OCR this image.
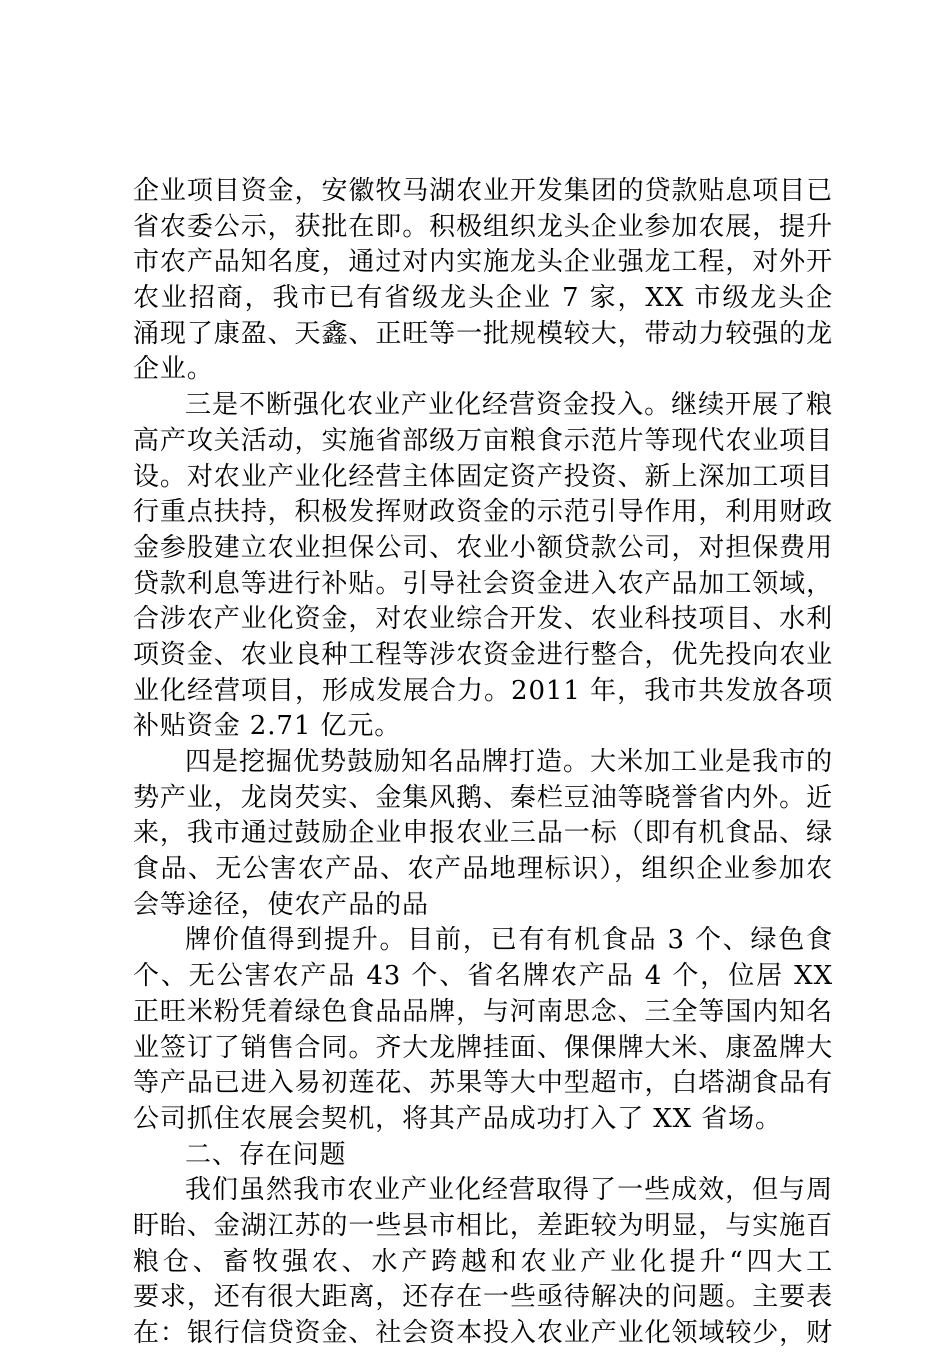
企业项目资金，安徽牧马湖农业开发集团的贷款贴息项目已
省农委公示，获批在即。积极组织龙头企业参加农展，提升
市农产品知名度，通过对内实施龙头企业强龙工程，对外开
农业招商，我市已有省级龙头企业 7 家，XX 市级龙头企
涌现了康盈、天鑫、正旺等一批规模较大，带动力较强的龙
企业。
三是不断强化农业产业化经营资金投入。继续开展了粮
高产攻关活动，实施省部级万亩粮食示范片等现代农业项目
设。对农业产业化经营主体固定资产投资、新上深加工项目
行重点扶持，积极发挥财政资金的示范引导作用，利用财政
金参股建立农业担保公司、农业小额贷款公司，对担保费用
贷款利息等进行补贴。引导社会资金进入农产品加工领域，
合涉农产业化资金，对农业综合开发、农业科技项目、水利
项资金、农业良种工程等涉农资金进行整合，优先投向农业
业化经营项目，形成发展合力。2011 年，我市共发放各项
补贴资金 2.71 亿元。
四是挖掘优势鼓励知名品牌打造。大米加工业是我市的
势产业，龙岗芡实、金集风鹅、秦栏豆油等晓誉省内外。近
来，我市通过鼓励企业申报农业三品一标（即有机食品、绿
食品、无公害农产品、农产品地理标识），组织企业参加农
会等途径，使农产品的品
牌价值得到提升。目前，已有有机食品 3 个、绿色食
个、无公害农产品 43 个、省名牌农产品 4 个，位居 XX
正旺米粉凭着绿色食品品牌，与河南思念、三全等国内知名
业签订了销售合同。齐大龙牌挂面、倮倮牌大米、康盈牌大
等产品已进入易初莲花、苏果等大中型超市，白塔湖食品有
公司抓住农展会契机，将其产品成功打入了 XX 省场。
二、存在问题
我们虽然我市农业产业化经营取得了一些成效，但与周
盱眙、金湖江苏的一些县市相比，差距较为明显，与实施百
粮仓、畜牧强农、水产跨越和农业产业化提升“四大工
要求，还有很大距离，还存在一些亟待解决的问题。主要表
在：银行信贷资金、社会资本投入农业产业化领域较少，财
